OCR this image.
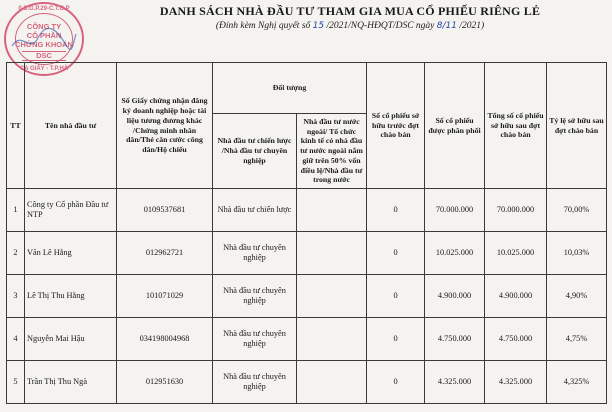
0 S.G.P.29-C.T.C.P
CÔNG TY
CỔ PHẦN
CHỨNG KHOÁN
DSC
CA GIẤY - T.P.HÀ
DANH SÁCH NHÀ ĐẦU TƯ THAM GIA MUA CỔ PHIẾU RIÊNG LẺ
(Đính kèm Nghị quyết số 15 /2021/NQ-HĐQT/DSC ngày 8/11 /2021)
TT	Tên nhà đầu tư	Số Giấy chứng nhận đăng ký doanh nghiệp hoặc tài liệu tương đương khác /Chứng minh nhân dân/Thẻ căn cước công dân/Hộ chiếu	Đối tượng		Số cổ phiếu sở hữu trước đợt chào bán	Số cổ phiếu được phân phối	Tổng số cổ phiếu sở hữu sau đợt chào bán	Tỷ lệ sở hữu sau đợt chào bán
			Nhà đầu tư chiến lược /Nhà đầu tư chuyên nghiệp	Nhà đầu tư nước ngoài/ Tổ chức kinh tế có nhà đầu tư nước ngoài nắm giữ trên 50% vốn điều lệ/Nhà đầu tư trong nước				
1	Công ty Cổ phần Đầu tư NTP	0109537681	Nhà đầu tư chiến lược		0	70.000.000	70.000.000	70,00%
2	Văn Lê Hằng	012962721	Nhà đầu tư chuyên nghiệp		0	10.025.000	10.025.000	10,03%
3	Lê Thị Thu Hằng	101071029	Nhà đầu tư chuyên nghiệp		0	4.900.000	4.900.000	4,90%
4	Nguyễn Mai Hậu	034198004968	Nhà đầu tư chuyên nghiệp		0	4.750.000	4.750.000	4,75%
5	Trần Thị Thu Ngà	012951630	Nhà đầu tư chuyên nghiệp		0	4.325.000	4.325.000	4,325%
